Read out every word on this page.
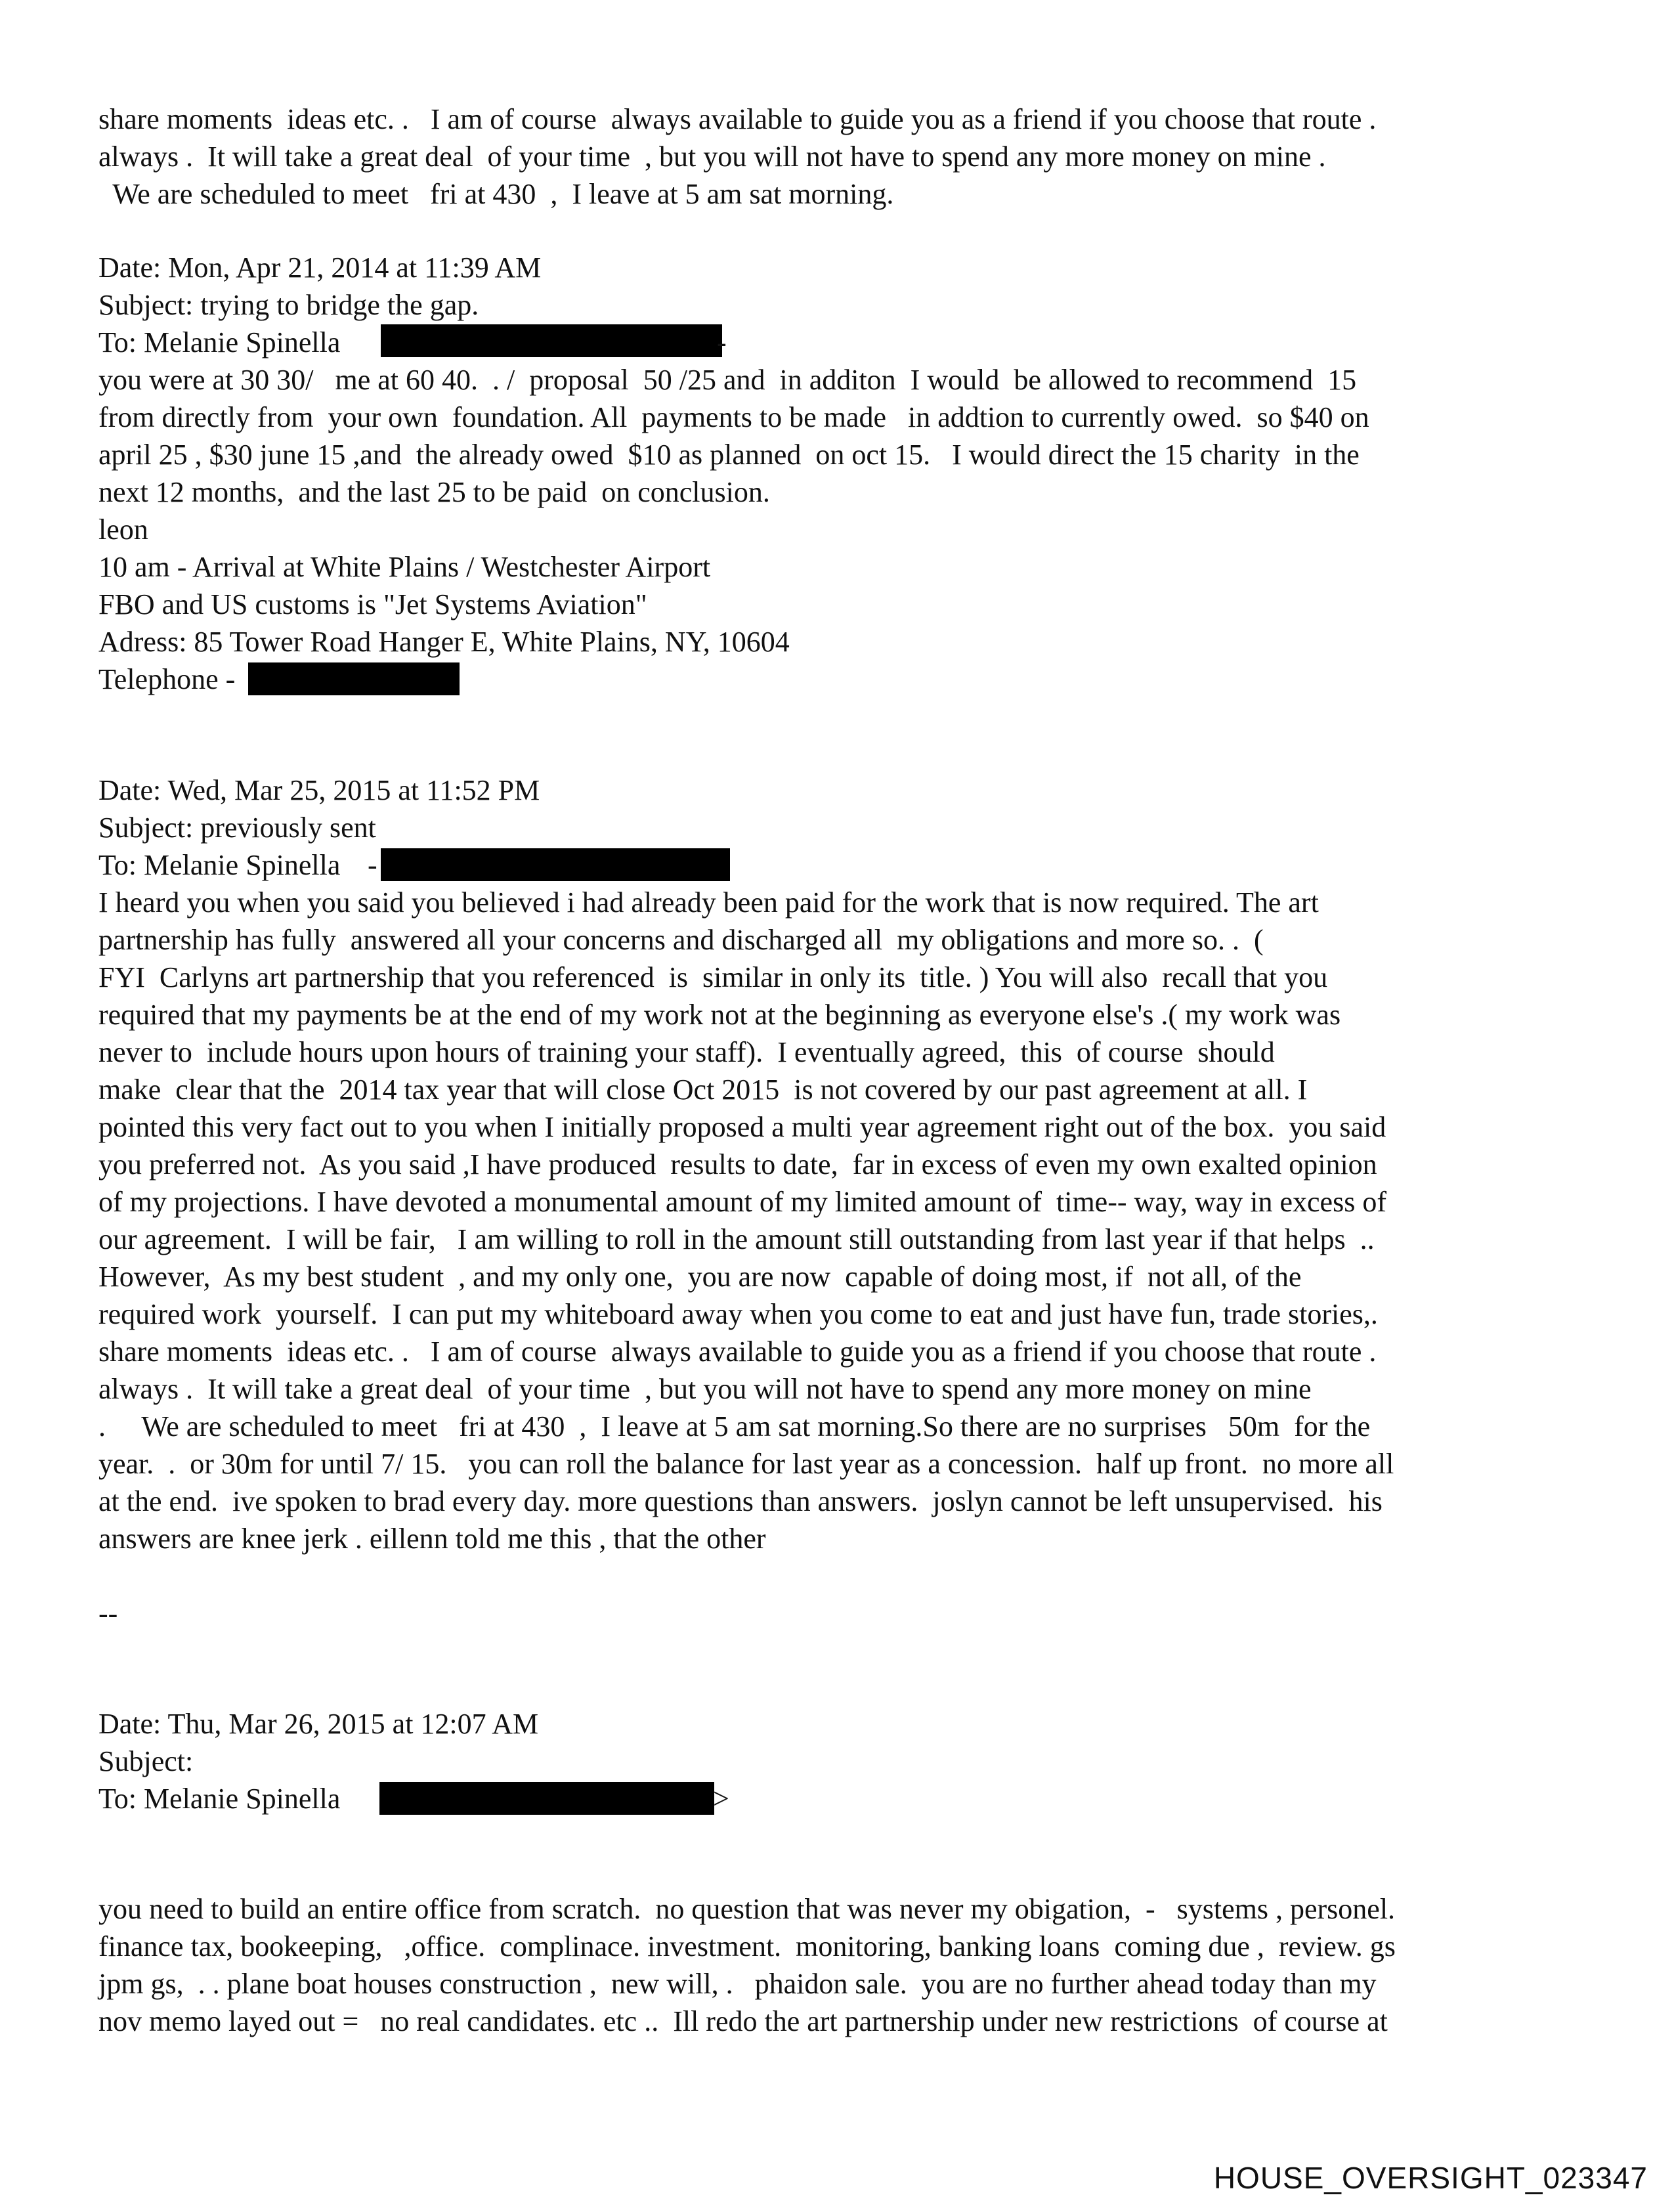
share moments  ideas etc. .   I am of course  always available to guide you as a friend if you choose that route .
always .  It will take a great deal  of your time  , but you will not have to spend any more money on mine .
We are scheduled to meet   fri at 430  ,  I leave at 5 am sat morning.
Date: Mon, Apr 21, 2014 at 11:39 AM
Subject: trying to bridge the gap.
To: Melanie Spinella	-
you were at 30 30/   me at 60 40.  . /  proposal  50 /25 and  in additon  I would  be allowed to recommend  15
from directly from  your own  foundation. All  payments to be made   in addtion to currently owed.  so $40 on
april 25 , $30 june 15 ,and  the already owed  $10 as planned  on oct 15.   I would direct the 15 charity  in the
next 12 months,  and the last 25 to be paid  on conclusion.
leon
10 am - Arrival at White Plains / Westchester Airport
FBO and US customs is "Jet Systems Aviation"
Adress: 85 Tower Road Hanger E, White Plains, NY, 10604
Telephone -
Date: Wed, Mar 25, 2015 at 11:52 PM
Subject: previously sent
To: Melanie Spinella -
I heard you when you said you believed i had already been paid for the work that is now required. The art
partnership has fully  answered all your concerns and discharged all  my obligations and more so. .  (
FYI  Carlyns art partnership that you referenced  is  similar in only its  title. ) You will also  recall that you
required that my payments be at the end of my work not at the beginning as everyone else's .( my work was
never to  include hours upon hours of training your staff).  I eventually agreed,  this  of course  should
make  clear that the  2014 tax year that will close Oct 2015  is not covered by our past agreement at all. I
pointed this very fact out to you when I initially proposed a multi year agreement right out of the box.  you said
you preferred not.  As you said ,I have produced  results to date,  far in excess of even my own exalted opinion
of my projections. I have devoted a monumental amount of my limited amount of  time-- way, way in excess of
our agreement.  I will be fair,   I am willing to roll in the amount still outstanding from last year if that helps  ..
However,  As my best student  , and my only one,  you are now  capable of doing most, if  not all, of the
required work  yourself.  I can put my whiteboard away when you come to eat and just have fun, trade stories,.
share moments  ideas etc. .   I am of course  always available to guide you as a friend if you choose that route .
always .  It will take a great deal  of your time  , but you will not have to spend any more money on mine
.     We are scheduled to meet   fri at 430  ,  I leave at 5 am sat morning.So there are no surprises   50m  for the
year.  .  or 30m for until 7/ 15.   you can roll the balance for last year as a concession.  half up front.  no more all
at the end.  ive spoken to brad every day. more questions than answers.  joslyn cannot be left unsupervised.  his
answers are knee jerk . eillenn told me this , that the other
--
Date: Thu, Mar 26, 2015 at 12:07 AM
Subject:
To: Melanie Spinella	>
you need to build an entire office from scratch.  no question that was never my obigation,  -   systems , personel.
finance tax, bookeeping,   ,office.  complinace. investment.  monitoring, banking loans  coming due ,  review. gs
jpm gs,  . . plane boat houses construction ,  new will, .   phaidon sale.  you are no further ahead today than my
nov memo layed out =   no real candidates. etc ..  Ill redo the art partnership under new restrictions  of course at
HOUSE_OVERSIGHT_023347
